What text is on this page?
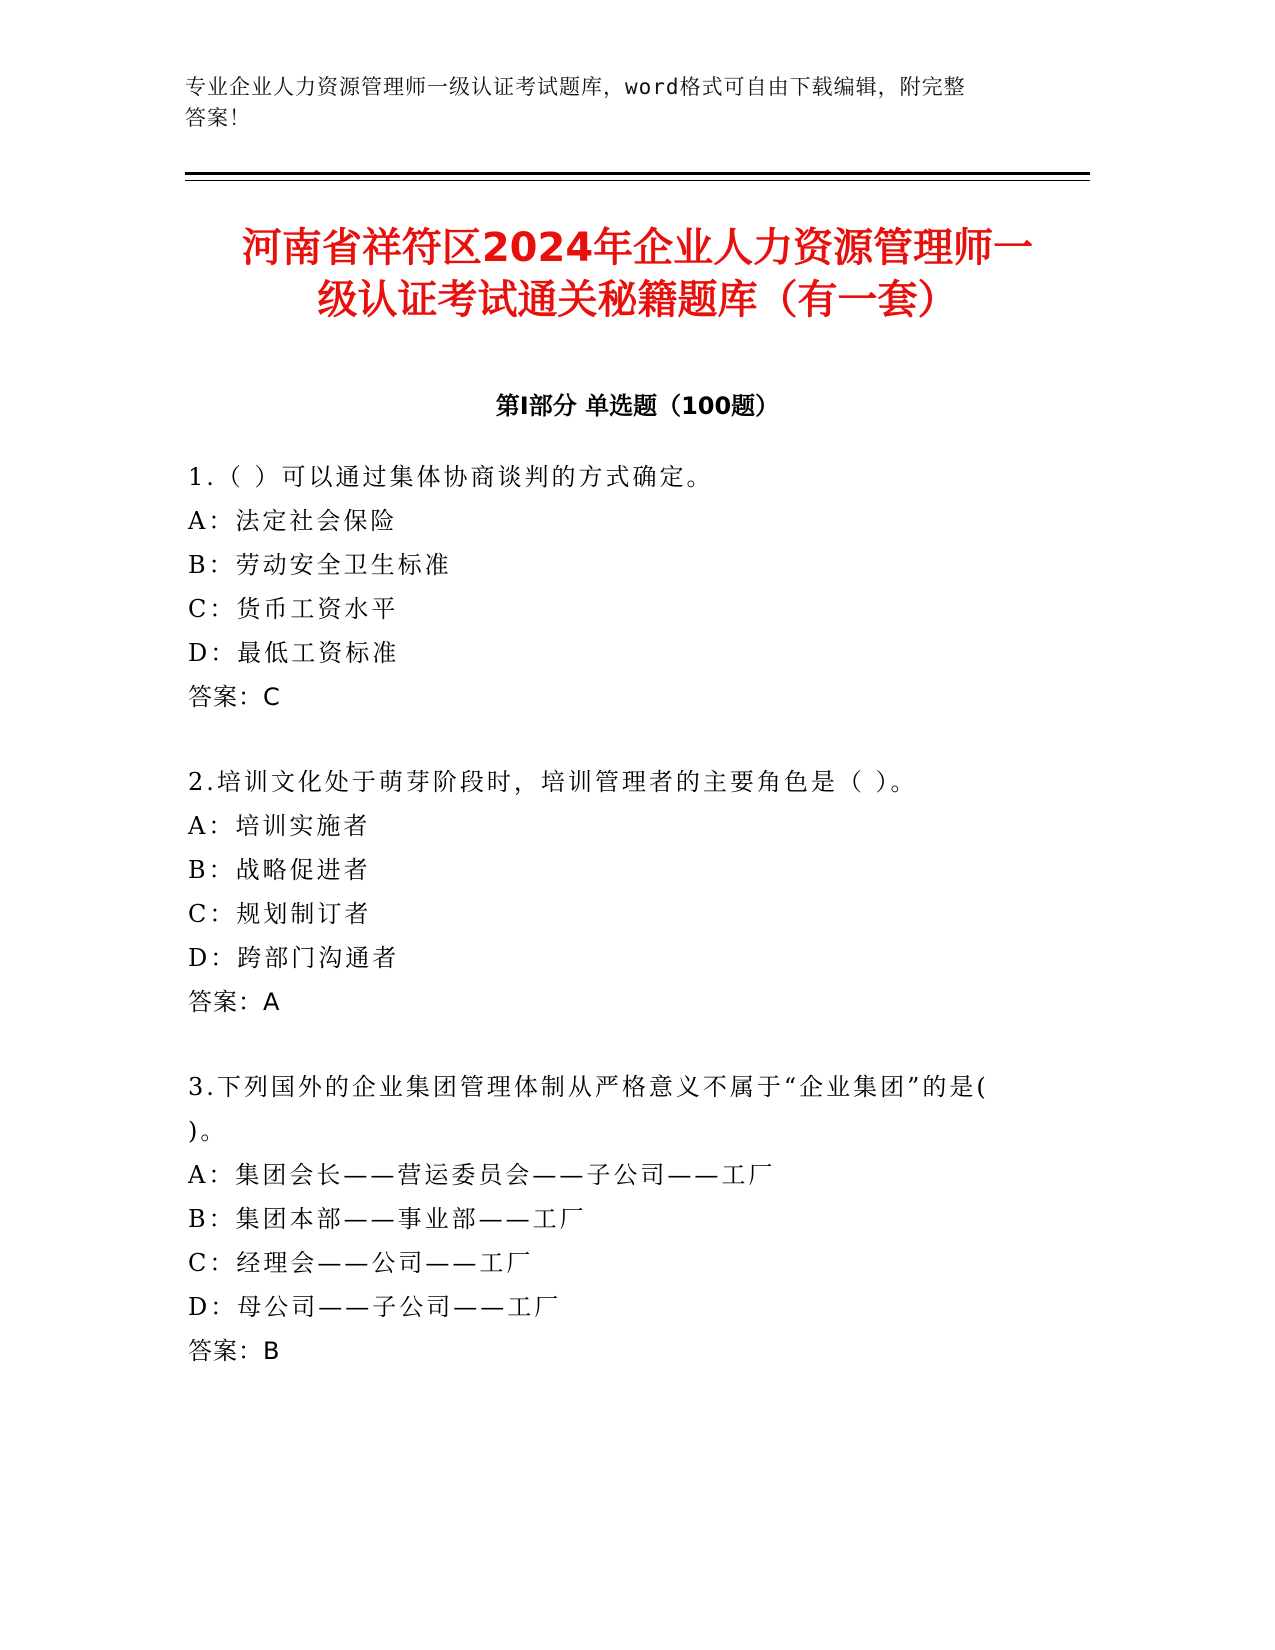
专业企业人力资源管理师一级认证考试题库，word格式可自由下载编辑，附完整
答案！
河南省祥符区2024年企业人力资源管理师一
级认证考试通关秘籍题库（有一套）
第Ⅰ部分 单选题（100题）
1.（ ）可以通过集体协商谈判的方式确定。
A：法定社会保险
B：劳动安全卫生标准
C：货币工资水平
D：最低工资标准
答案：C
2.培训文化处于萌芽阶段时，培训管理者的主要角色是（ ）。
A：培训实施者
B：战略促进者
C：规划制订者
D：跨部门沟通者
答案：A
3.下列国外的企业集团管理体制从严格意义不属于“企业集团”的是(
)。
A：集团会长——营运委员会——子公司——工厂
B：集团本部——事业部——工厂
C：经理会——公司——工厂
D：母公司——子公司——工厂
答案：B
